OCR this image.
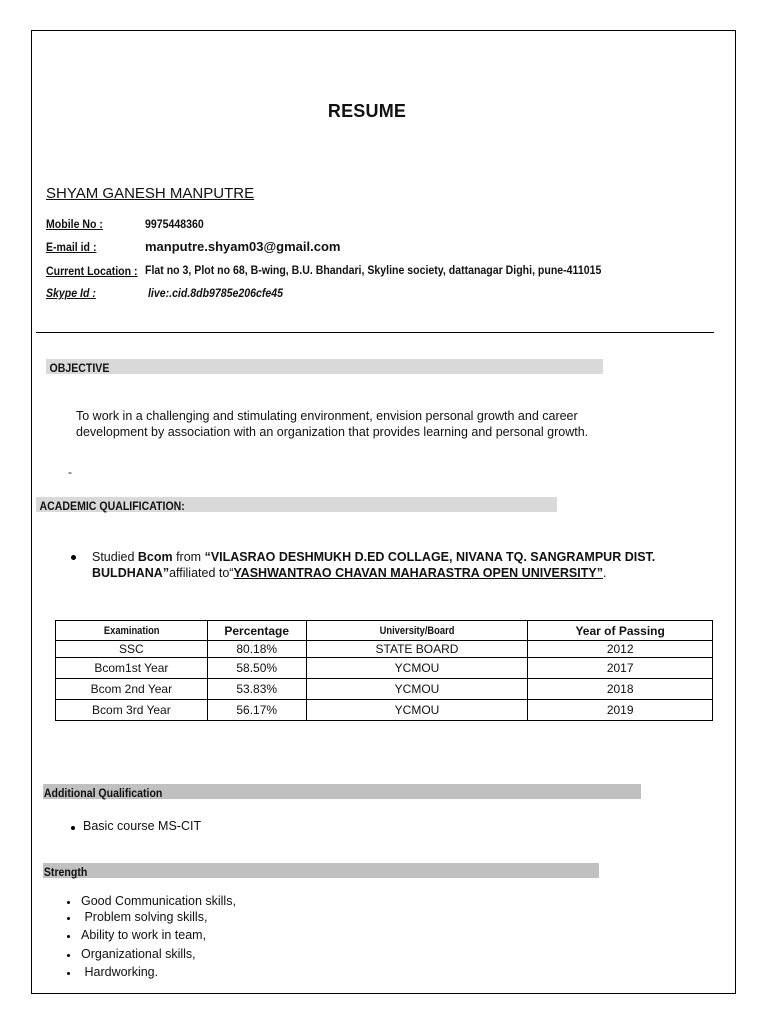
RESUME
SHYAM GANESH MANPUTRE
Mobile No :	9975448360
E-mail id :	manputre.shyam03@gmail.com
Current Location : Flat no 3, Plot no 68, B-wing, B.U. Bhandari, Skyline society, dattanagar Dighi, pune-411015
Skype Id :	live:.cid.8db9785e206cfe45
OBJECTIVE
To work in a challenging and stimulating environment, envision personal growth and career development by association with an organization that provides learning and personal growth.
-
ACADEMIC QUALIFICATION:
Studied Bcom from “VILASRAO DESHMUKH D.ED COLLAGE, NIVANA TQ. SANGRAMPUR DIST. BULDHANA”affiliated to“YASHWANTRAO CHAVAN MAHARASTRA OPEN UNIVERSITY”.
Examination	Percentage	University/Board	Year of Passing
SSC	80.18%	STATE BOARD	2012
Bcom1st Year	58.50%	YCMOU	2017
Bcom 2nd Year	53.83%	YCMOU	2018
Bcom 3rd Year	56.17%	YCMOU	2019
Additional Qualification
Basic course MS-CIT
Strength
Good Communication skills,
Problem solving skills,
Ability to work in team,
Organizational skills,
Hardworking.
